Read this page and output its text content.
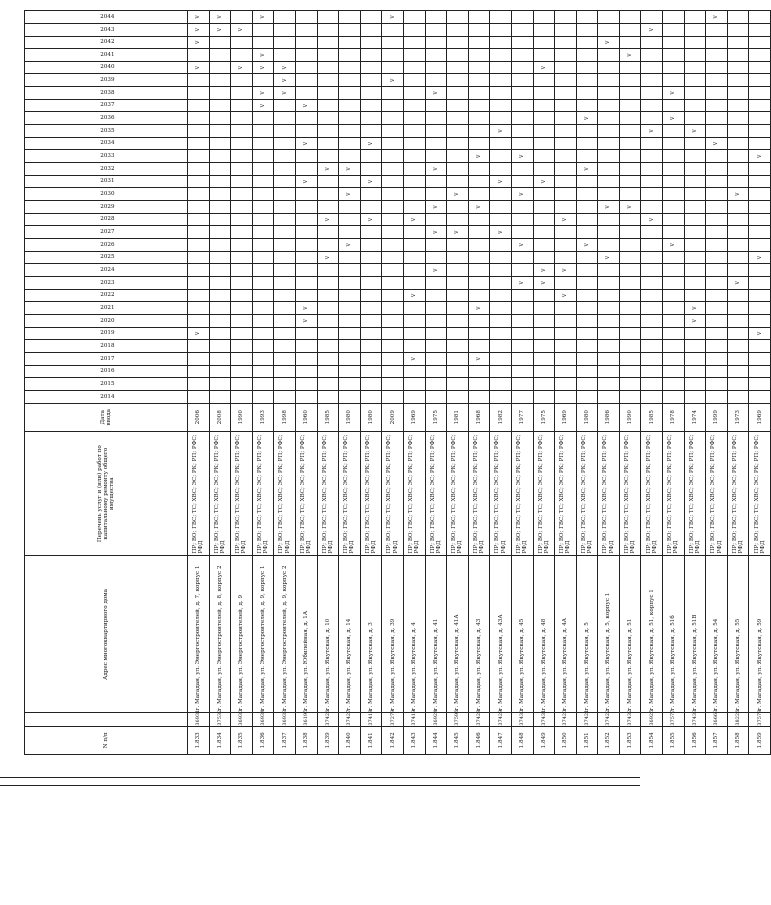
N п/п		Адрес многоквартирного дома	Перечень услуг и (или) работ по капитальному ремонту общего имущества	Дата ввода	2014	2015	2016	2017	2018	2019	2020	2021	2022	2023	2024	2025	2026	2027	2028	2029	2030	2031	2032	2033	2034	2035	2036	2037	2038	2039	2040	2041	2042	2043	2044

1.833	36931	г. Магадан, ул. Энергостроителей, д. 7, корпус 1	ПР; ВО; ГВС; ТС; ХВС; ЭС; РК; РП; РФС; РФД	2006						v																					v		v	v	v
1.834	37532	г. Магадан, ул. Энергостроителей, д. 8, корпус 2	ПР; ВО; ГВС; ТС; ХВС; ЭС; РК; РП; РФС; РФД	2008																														v	v
1.835	36930	г. Магадан, ул. Энергостроителей, д. 9	ПР; ВО; ГВС; ТС; ХВС; ЭС; РК; РП; РФС; РФД	1990																											v			v	
1.836	36934	г. Магадан, ул. Энергостроителей, д. 9, корпус 1	ПР; ВО; ГВС; ТС; ХВС; ЭС; РК; РП; РФС; РФД	1993																								v	v		v	v			v
1.837	36933	г. Магадан, ул. Энергостроителей, д. 9, корпус 2	ПР; ВО; ГВС; ТС; ХВС; ЭС; РК; РП; РФС; РФД	1998																									v	v	v				
1.838	36195	г. Магадан, ул. Юбилейная, д. 1А	ПР; ВО; ГВС; ТС; ХВС; ЭС; РК; РП; РФС; РФД	1960							v	v										v			v			v							
1.839	37426	г. Магадан, ул. Якутская, д. 10	ПР; ВО; ГВС; ТС; ХВС; ЭС; РК; РП; РФС; РФД	1985												v			v				v												
1.840	37427	г. Магадан, ул. Якутская, д. 14	ПР; ВО; ГВС; ТС; ХВС; ЭС; РК; РП; РФС; РФД	1980													v				v		v												
1.841	37418	г. Магадан, ул. Якутская, д. 3	ПР; ВО; ГВС; ТС; ХВС; ЭС; РК; РП; РФС; РФД	1980															v			v			v										
1.842	37279	г. Магадан, ул. Якутская, д. 39	ПР; ВО; ГВС; ТС; ХВС; ЭС; РК; РП; РФС; РФД	2009																										v					v
1.843	37419	г. Магадан, ул. Якутская, д. 4	ПР; ВО; ГВС; ТС; ХВС; ЭС; РК; РП; РФС; РФД	1969				v					v						v																
1.844	36924	г. Магадан, ул. Якутская, д. 41	ПР; ВО; ГВС; ТС; ХВС; ЭС; РК; РП; РФС; РФД	1975											v			v		v			v						v						
1.845	37596	г. Магадан, ул. Якутская, д. 41А	ПР; ВО; ГВС; ТС; ХВС; ЭС; РК; РП; РФС; РФД	1981														v			v														
1.846	37428	г. Магадан, ул. Якутская, д. 43	ПР; ВО; ГВС; ТС; ХВС; ЭС; РК; РП; РФС; РФД	1968				v				v								v				v											
1.847	37429	г. Магадан, ул. Якутская, д. 43А	ПР; ВО; ГВС; ТС; ХВС; ЭС; РК; РП; РФС; РФД	1982														v				v				v									
1.848	37430	г. Магадан, ул. Якутская, д. 45	ПР; ВО; ГВС; ТС; ХВС; ЭС; РК; РП; РФС; РФД	1977										v			v				v			v											
1.849	37431	г. Магадан, ул. Якутская, д. 48	ПР; ВО; ГВС; ТС; ХВС; ЭС; РК; РП; РФС; РФД	1975										v	v							v									v				
1.850	37420	г. Магадан, ул. Якутская, д. 4А	ПР; ВО; ГВС; ТС; ХВС; ЭС; РК; РП; РФС; РФД	1969									v		v				v																
1.851	37421	г. Магадан, ул. Якутская, д. 5	ПР; ВО; ГВС; ТС; ХВС; ЭС; РК; РП; РФС; РФД	1980													v						v				v								
1.852	37422	г. Магадан, ул. Якутская, д. 5, корпус 1	ПР; ВО; ГВС; ТС; ХВС; ЭС; РК; РП; РФС; РФД	1986												v				v													v		
1.853	37432	г. Магадан, ул. Якутская, д. 51	ПР; ВО; ГВС; ТС; ХВС; ЭС; РК; РП; РФС; РФД	1990																v												v			
1.854	36925	г. Магадан, ул. Якутская, д. 51, корпус 1	ПР; ВО; ГВС; ТС; ХВС; ЭС; РК; РП; РФС; РФД	1985															v							v								v	
1.855	37577	г. Магадан, ул. Якутская, д. 51б	ПР; ВО; ГВС; ТС; ХВС; ЭС; РК; РП; РФС; РФД	1978													v										v		v						
1.856	37433	г. Магадан, ул. Якутская, д. 51В	ПР; ВО; ГВС; ТС; ХВС; ЭС; РК; РП; РФС; РФД	1974							v	v														v									
1.857	36663	г. Магадан, ул. Якутская, д. 54	ПР; ВО; ГВС; ТС; ХВС; ЭС; РК; РП; РФС; РФД	1999																					v										v
1.858	38226	г. Магадан, ул. Якутская, д. 55	ПР; ВО; ГВС; ТС; ХВС; ЭС; РК; РП; РФС; РФД	1973										v							v														
1.859	37578	г. Магадан, ул. Якутская, д. 59	ПР; ВО; ГВС; ТС; ХВС; ЭС; РК; РП; РФС; РФД	1969						v						v								v											
